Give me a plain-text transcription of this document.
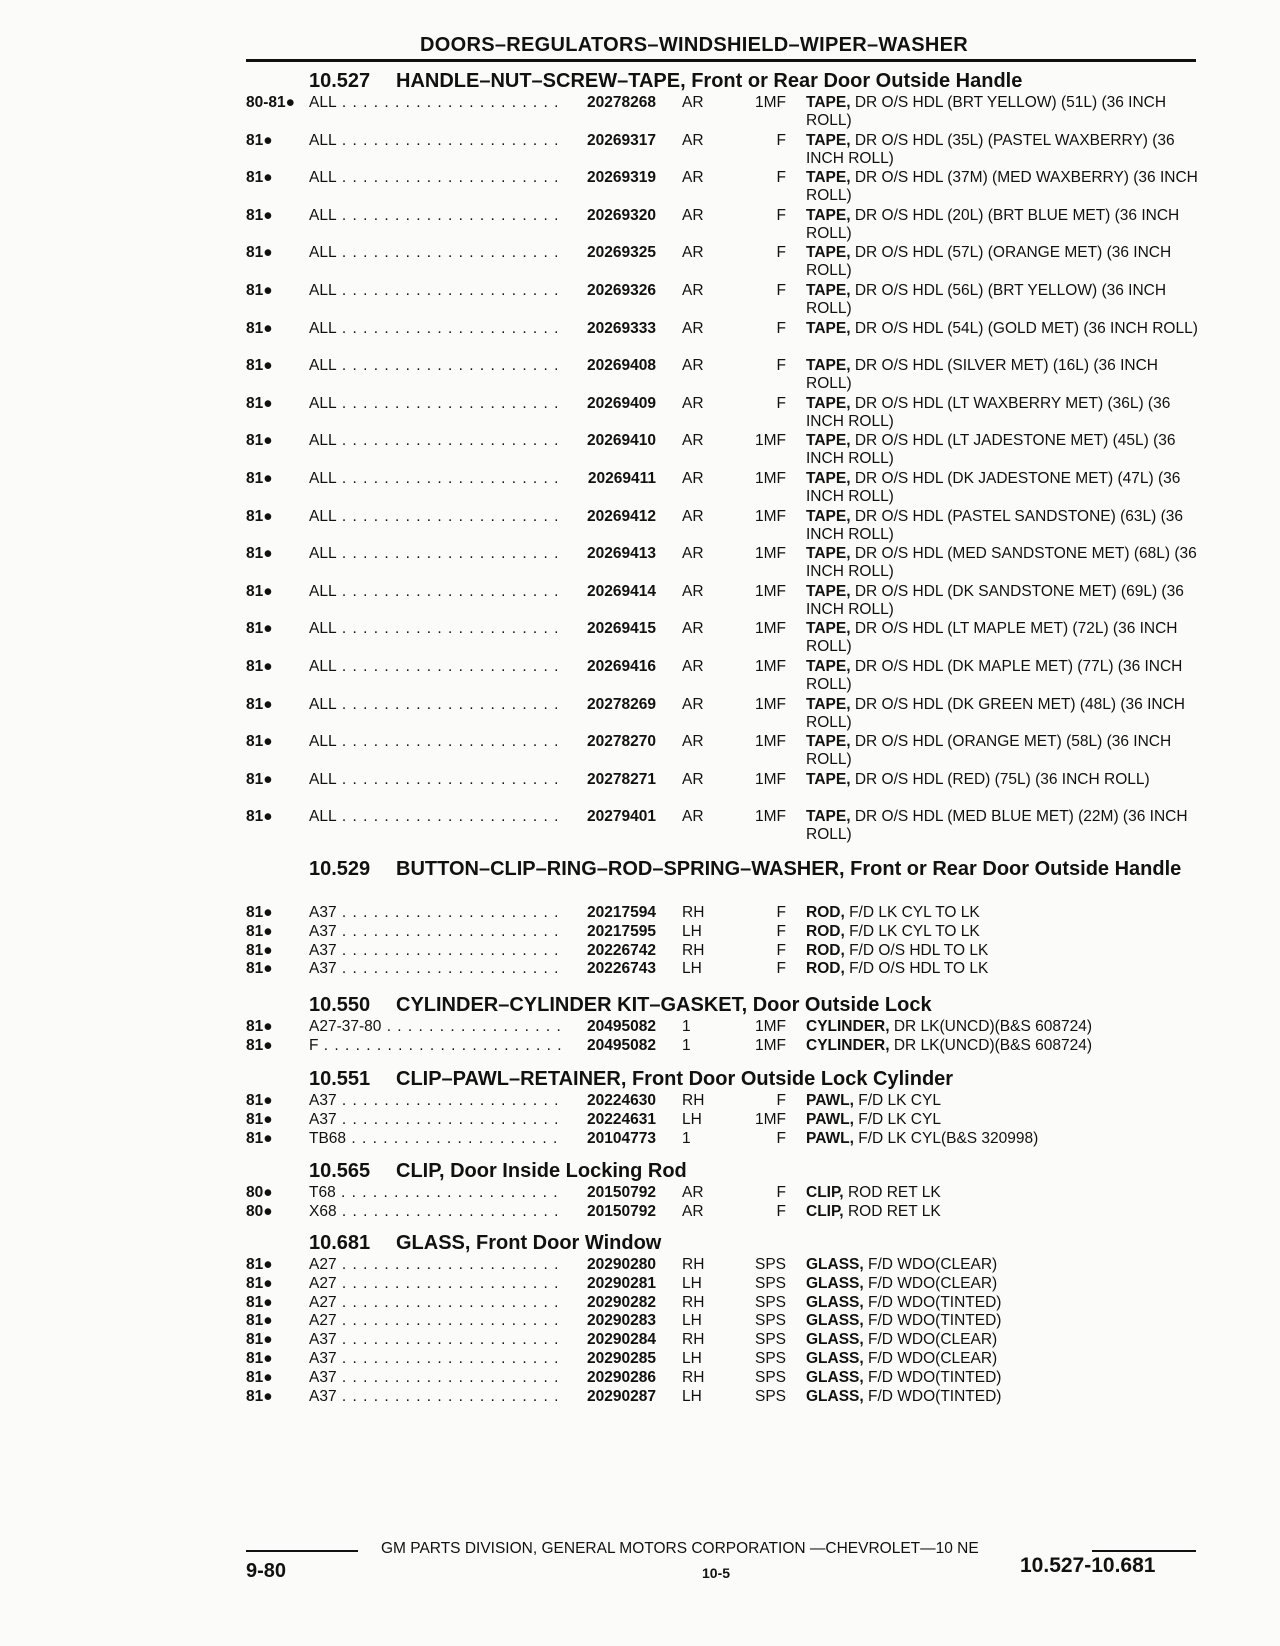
DOORS–REGULATORS–WINDSHIELD–WIPER–WASHER
10.527 HANDLE–NUT–SCREW–TAPE, Front or Rear Door Outside Handle
80-81● ALL . . .	20278268 AR	1MF TAPE, DR O/S HDL (BRT YELLOW) (51L) (36 INCH ROLL)
81●	ALL . . .	20269317 AR	F TAPE, DR O/S HDL (35L) (PASTEL WAXBERRY) (36 INCH ROLL)
81●	ALL . . .	20269319 AR	F TAPE, DR O/S HDL (37M) (MED WAXBERRY) (36 INCH ROLL)
81●	ALL . . .	20269320 AR	F TAPE, DR O/S HDL (20L) (BRT BLUE MET) (36 INCH ROLL)
81●	ALL . . .	20269325 AR	F TAPE, DR O/S HDL (57L) (ORANGE MET) (36 INCH ROLL)
81●	ALL . . .	20269326 AR	F TAPE, DR O/S HDL (56L) (BRT YELLOW) (36 INCH ROLL)
81●	ALL . . .	20269333 AR	F TAPE, DR O/S HDL (54L) (GOLD MET) (36 INCH ROLL)
81●	ALL . . .	20269408 AR	F TAPE, DR O/S HDL (SILVER MET) (16L) (36 INCH ROLL)
81●	ALL . . .	20269409 AR	F TAPE, DR O/S HDL (LT WAXBERRY MET) (36L) (36 INCH ROLL)
81●	ALL . . .	20269410 AR	1MF TAPE, DR O/S HDL (LT JADESTONE MET) (45L) (36 INCH ROLL)
81●	ALL . . .	20269411 AR	1MF TAPE, DR O/S HDL (DK JADESTONE MET) (47L) (36 INCH ROLL)
81●	ALL . . .	20269412 AR	1MF TAPE, DR O/S HDL (PASTEL SANDSTONE) (63L) (36 INCH ROLL)
81●	ALL . . .	20269413 AR	1MF TAPE, DR O/S HDL (MED SANDSTONE MET) (68L) (36 INCH ROLL)
81●	ALL . . .	20269414 AR	1MF TAPE, DR O/S HDL (DK SANDSTONE MET) (69L) (36 INCH ROLL)
81●	ALL . . .	20269415 AR	1MF TAPE, DR O/S HDL (LT MAPLE MET) (72L) (36 INCH ROLL)
81●	ALL . . .	20269416 AR	1MF TAPE, DR O/S HDL (DK MAPLE MET) (77L) (36 INCH ROLL)
81●	ALL . . .	20278269 AR	1MF TAPE, DR O/S HDL (DK GREEN MET) (48L) (36 INCH ROLL)
81●	ALL . . .	20278270 AR	1MF TAPE, DR O/S HDL (ORANGE MET) (58L) (36 INCH ROLL)
81●	ALL . . .	20278271 AR	1MF TAPE, DR O/S HDL (RED) (75L) (36 INCH ROLL)
81●	ALL . . .	20279401 AR	1MF TAPE, DR O/S HDL (MED BLUE MET) (22M) (36 INCH ROLL)
10.529 BUTTON–CLIP–RING–ROD–SPRING–WASHER, Front or Rear Door Outside Handle
81●	A37 . . .	20217594 RH	F ROD, F/D LK CYL TO LK
81●	A37 . . .	20217595 LH	F ROD, F/D LK CYL TO LK
81●	A37 . . .	20226742 RH	F ROD, F/D O/S HDL TO LK
81●	A37 . . .	20226743 LH	F ROD, F/D O/S HDL TO LK
10.550 CYLINDER–CYLINDER KIT–GASKET, Door Outside Lock
81●	A27-37-80 . . .	20495082 1	1MF CYLINDER, DR LK(UNCD)(B&S 608724)
81●	F . . .	20495082 1	1MF CYLINDER, DR LK(UNCD)(B&S 608724)
10.551 CLIP–PAWL–RETAINER, Front Door Outside Lock Cylinder
81●	A37 . . .	20224630 RH	F PAWL, F/D LK CYL
81●	A37 . . .	20224631 LH	1MF PAWL, F/D LK CYL
81●	TB68 . . .	20104773 1	F PAWL, F/D LK CYL(B&S 320998)
10.565 CLIP, Door Inside Locking Rod
80●	T68 . . .	20150792 AR	F CLIP, ROD RET LK
80●	X68 . . .	20150792 AR	F CLIP, ROD RET LK
10.681 GLASS, Front Door Window
81●	A27 . . .	20290280 RH	SPS GLASS, F/D WDO(CLEAR)
81●	A27 . . .	20290281 LH	SPS GLASS, F/D WDO(CLEAR)
81●	A27 . . .	20290282 RH	SPS GLASS, F/D WDO(TINTED)
81●	A27 . . .	20290283 LH	SPS GLASS, F/D WDO(TINTED)
81●	A37 . . .	20290284 RH	SPS GLASS, F/D WDO(CLEAR)
81●	A37 . . .	20290285 LH	SPS GLASS, F/D WDO(CLEAR)
81●	A37 . . .	20290286 RH	SPS GLASS, F/D WDO(TINTED)
81●	A37 . . .	20290287 LH	SPS GLASS, F/D WDO(TINTED)
GM PARTS DIVISION, GENERAL MOTORS CORPORATION —CHEVROLET—10 NE
9-80	10-5	10.527-10.681
